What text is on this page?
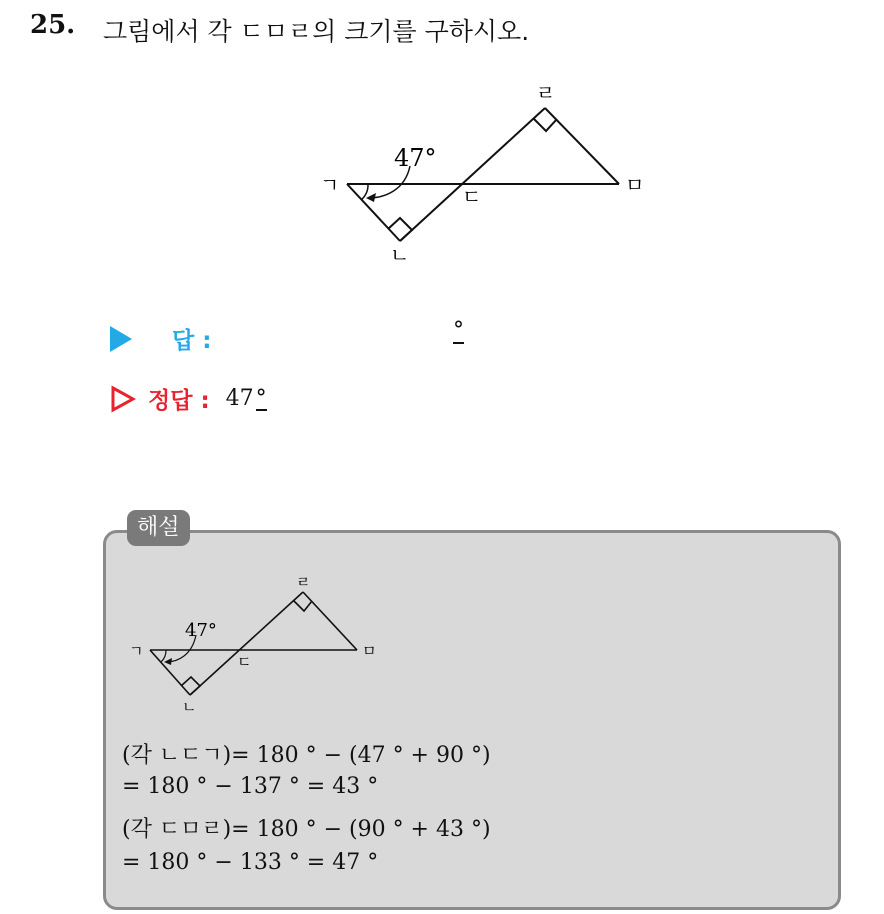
25. 그림에서 각 ㄷㅁㄹ의 크기를 구하시오.
ㄱ
ㄴ
ㄷ
ㄹ
ㅁ
47°
답 :	°
정답 : 47°
해설
ㄱ
ㄴ
ㄷ
ㄹ
ㅁ
47°
(각 ㄴㄷㄱ)= 180 ° − (47 ° + 90 °)
= 180 ° − 137 ° = 43 °
(각 ㄷㅁㄹ)= 180 ° − (90 ° + 43 °)
= 180 ° − 133 ° = 47 °
